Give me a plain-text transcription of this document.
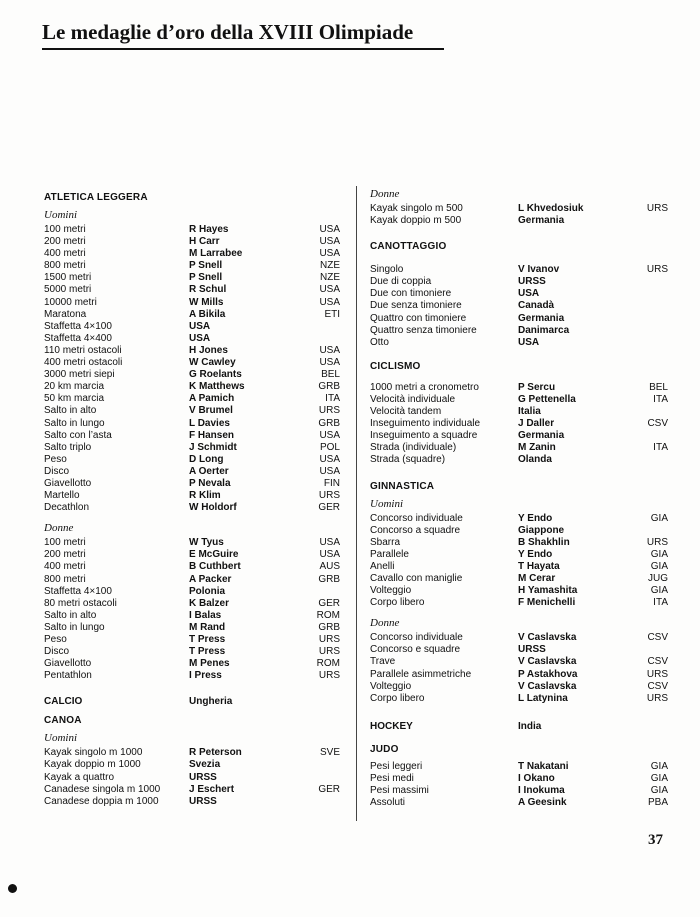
Le medaglie d’oro della XVIII Olimpiade
ATLETICA LEGGERA
Uomini
100 metri	R Hayes	USA
200 metri	H Carr	USA
400 metri	M Larrabee	USA
800 metri	P Snell	NZE
1500 metri	P Snell	NZE
5000 metri	R Schul	USA
10000 metri	W Mills	USA
Maratona	A Bikila	ETI
Staffetta 4×100	USA
Staffetta 4×400	USA
110 metri ostacoli	H Jones	USA
400 metri ostacoli	W Cawley	USA
3000 metri siepi	G Roelants	BEL
20 km marcia	K Matthews	GRB
50 km marcia	A Pamich	ITA
Salto in alto	V Brumel	URS
Salto in lungo	L Davies	GRB
Salto con l’asta	F Hansen	USA
Salto triplo	J Schmidt	POL
Peso	D Long	USA
Disco	A Oerter	USA
Giavellotto	P Nevala	FIN
Martello	R Klim	URS
Decathlon	W Holdorf	GER
Donne
100 metri	W Tyus	USA
200 metri	E McGuire	USA
400 metri	B Cuthbert	AUS
800 metri	A Packer	GRB
Staffetta 4×100	Polonia
80 metri ostacoli	K Balzer	GER
Salto in alto	I Balas	ROM
Salto in lungo	M Rand	GRB
Peso	T Press	URS
Disco	T Press	URS
Giavellotto	M Penes	ROM
Pentathlon	I Press	URS
CALCIO	Ungheria
CANOA
Uomini
Kayak singolo m 1000	R Peterson	SVE
Kayak doppio m 1000	Svezia
Kayak a quattro	URSS
Canadese singola m 1000	J Eschert	GER
Canadese doppia m 1000	URSS
Donne
Kayak singolo m 500	L Khvedosiuk	URS
Kayak doppio m 500	Germania
CANOTTAGGIO
Singolo	V Ivanov	URS
Due di coppia	URSS
Due con timoniere	USA
Due senza timoniere	Canadà
Quattro con timoniere	Germania
Quattro senza timoniere	Danimarca
Otto	USA
CICLISMO
1000 metri a cronometro	P Sercu	BEL
Velocità individuale	G Pettenella	ITA
Velocità tandem	Italia
Inseguimento individuale	J Daller	CSV
Inseguimento a squadre	Germania
Strada (individuale)	M Zanin	ITA
Strada (squadre)	Olanda
GINNASTICA
Uomini
Concorso individuale	Y Endo	GIA
Concorso a squadre	Giappone
Sbarra	B Shakhlin	URS
Parallele	Y Endo	GIA
Anelli	T Hayata	GIA
Cavallo con maniglie	M Cerar	JUG
Volteggio	H Yamashita	GIA
Corpo libero	F Menichelli	ITA
Donne
Concorso individuale	V Caslavska	CSV
Concorso e squadre	URSS
Trave	V Caslavska	CSV
Parallele asimmetriche	P Astakhova	URS
Volteggio	V Caslavska	CSV
Corpo libero	L Latynina	URS
HOCKEY	India
JUDO
Pesi leggeri	T Nakatani	GIA
Pesi medi	I Okano	GIA
Pesi massimi	I Inokuma	GIA
Assoluti	A Geesink	PBA
37
